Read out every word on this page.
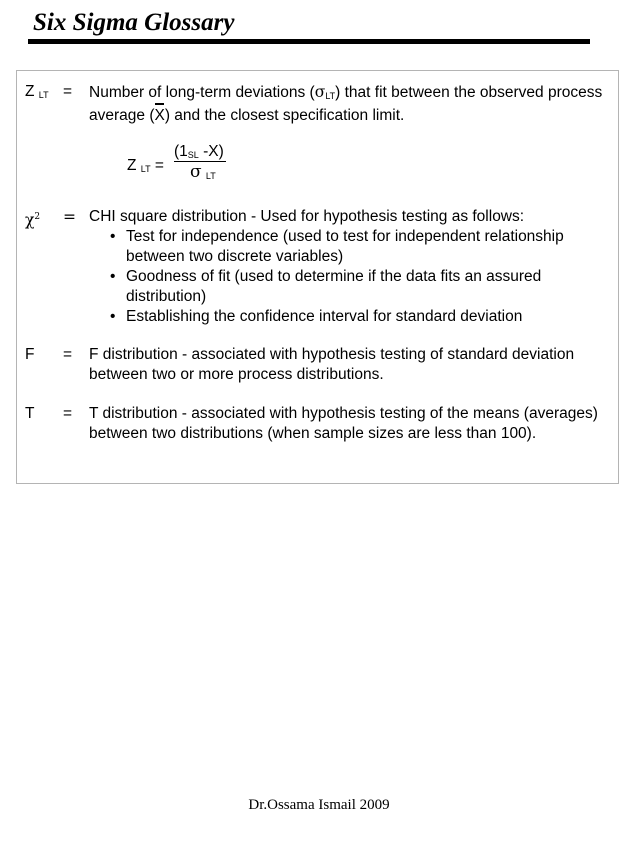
Six Sigma Glossary
Z $_{LT}$ = Number of long-term deviations $(\sigma_{LT})$ that fit between the observed process average (X) and the closest specification limit.
Z $_{LT}$ =
($1_{SL}$ -X)
σ $_{LT}$
$\chi^2$ = CHI square distribution - Used for hypothesis testing as follows:
• Test for independence (used to test for independent relationship between two discrete variables)
• Goodness of fit (used to determine if the data fits an assured distribution)
• Establishing the confidence interval for standard deviation
F = F distribution - associated with hypothesis testing of standard deviation between two or more process distributions.
T = T distribution - associated with hypothesis testing of the means (averages) between two distributions (when sample sizes are less than 100).
Dr.Ossama Ismail 2009
